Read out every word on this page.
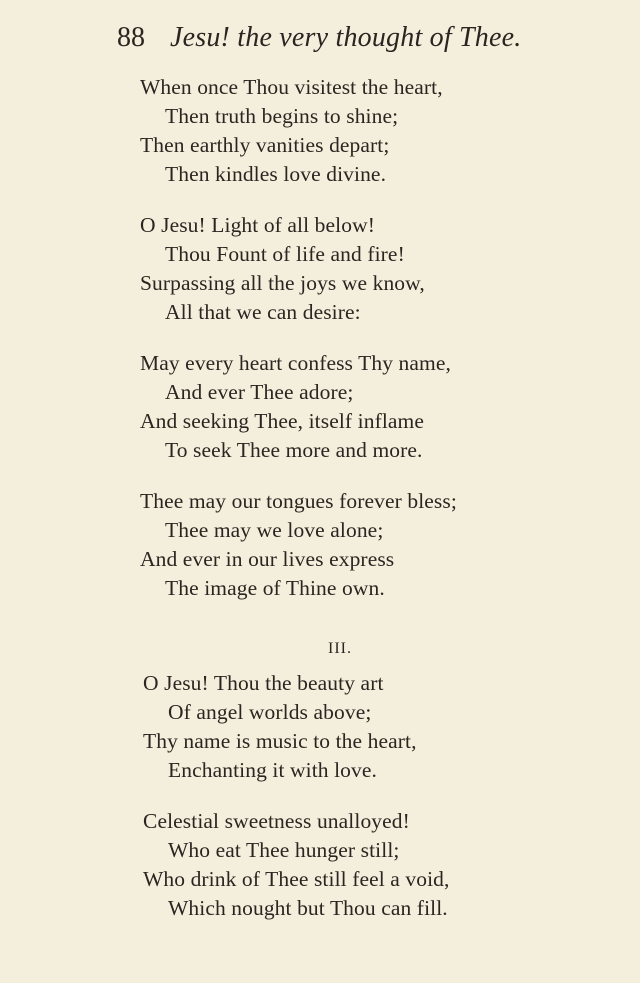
88 Jesu! the very thought of Thee.
When once Thou visitest the heart,
Then truth begins to shine;
Then earthly vanities depart;
Then kindles love divine.
O Jesu! Light of all below!
Thou Fount of life and fire!
Surpassing all the joys we know,
All that we can desire:
May every heart confess Thy name,
And ever Thee adore;
And seeking Thee, itself inflame
To seek Thee more and more.
Thee may our tongues forever bless;
Thee may we love alone;
And ever in our lives express
The image of Thine own.
III.
O Jesu! Thou the beauty art
Of angel worlds above;
Thy name is music to the heart,
Enchanting it with love.
Celestial sweetness unalloyed!
Who eat Thee hunger still;
Who drink of Thee still feel a void,
Which nought but Thou can fill.
